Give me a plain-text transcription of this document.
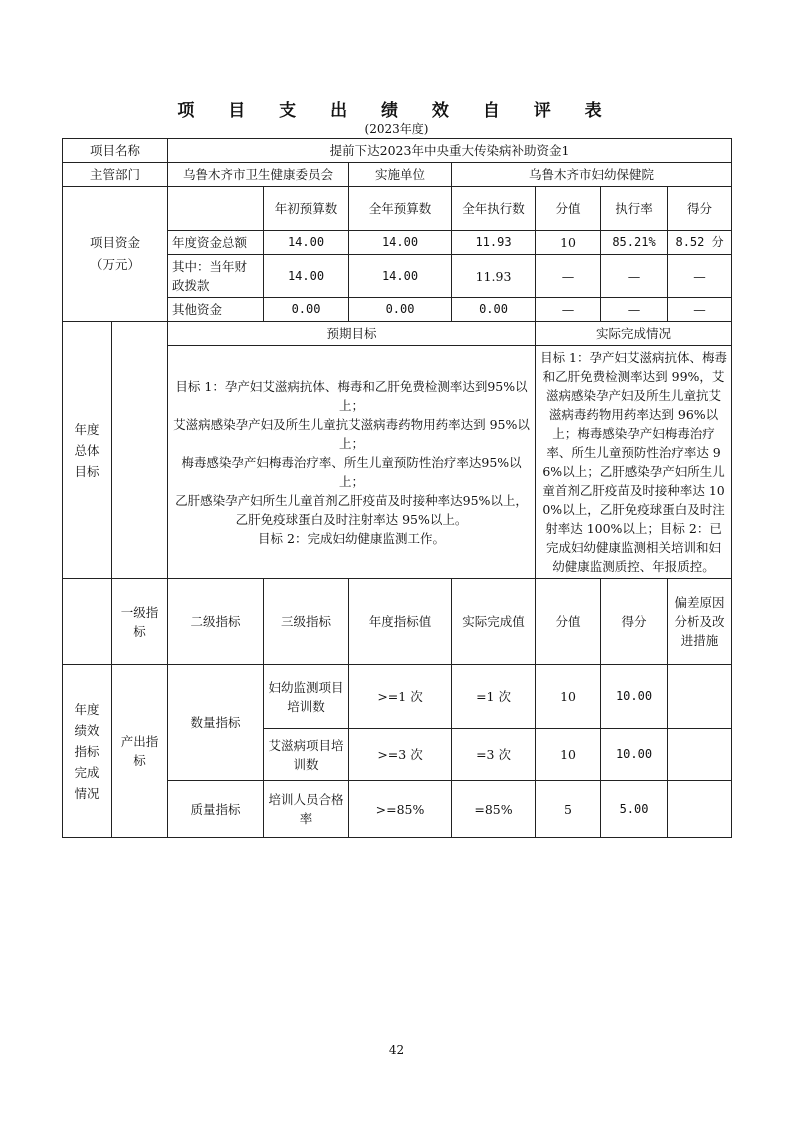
项 目 支 出 绩 效 自 评 表
(2023年度)
项目名称		提前下达2023年中央重大传染病补助资金1						
主管部门		乌鲁木齐市卫生健康委员会		实施单位	乌鲁木齐市妇幼保健院			
项目资金
（万元）			年初预算数	全年预算数	全年执行数	分值	执行率	得分
		年度资金总额	14.00	14.00	11.93	10	85.21%	8.52 分
		其中：当年财政拨款	14.00	14.00	11.93	—	—	—
		其他资金	0.00	0.00	0.00	—	—	—
年度
总体
目标		预期目标				实际完成情况		
		目标 1：孕产妇艾滋病抗体、梅毒和乙肝免费检测率达到95%以上；
艾滋病感染孕产妇及所生儿童抗艾滋病毒药物用药率达到 95%以上；
梅毒感染孕产妇梅毒治疗率、所生儿童预防性治疗率达95%以上；
乙肝感染孕产妇所生儿童首剂乙肝疫苗及时接种率达95%以上，乙肝免疫球蛋白及时注射率达 95%以上。
目标 2：完成妇幼健康监测工作。				目标 1：孕产妇艾滋病抗体、梅毒和乙肝免费检测率达到 99%，艾滋病感染孕产妇及所生儿童抗艾滋病毒药物用药率达到 96%以上；梅毒感染孕产妇梅毒治疗率、所生儿童预防性治疗率达 96%以上；乙肝感染孕产妇所生儿童首剂乙肝疫苗及时接种率达 100%以上，乙肝免疫球蛋白及时注射率达 100%以上；目标 2：已完成妇幼健康监测相关培训和妇幼健康监测质控、年报质控。		
	一级指标	二级指标	三级指标	年度指标值	实际完成值	分值	得分	偏差原因分析及改进措施
年度
绩效
指标
完成
情况	产出指标	数量指标	妇幼监测项目培训数	>=1 次	=1 次	10	10.00	
			艾滋病项目培训数	>=3 次	=3 次	10	10.00	
		质量指标	培训人员合格率	>=85%	=85%	5	5.00	
42
